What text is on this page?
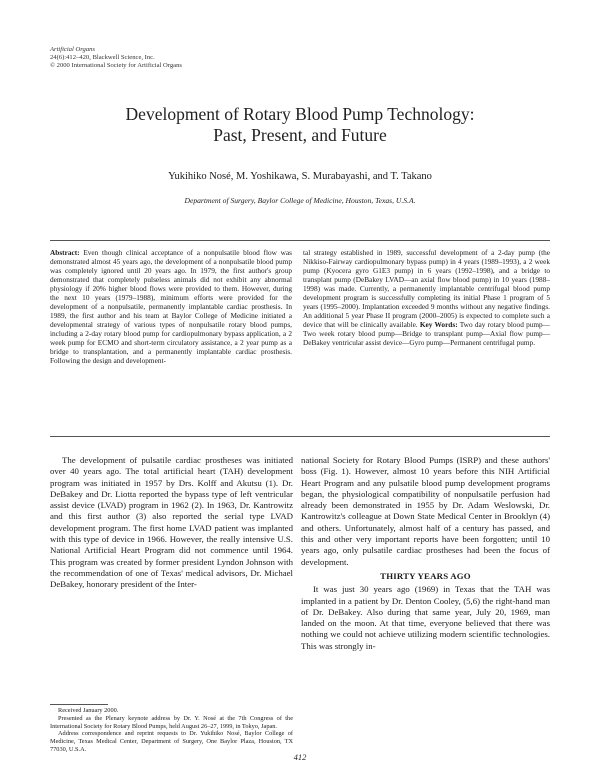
Artificial Organs
24(6):412–420, Blackwell Science, Inc.
© 2000 International Society for Artificial Organs
Development of Rotary Blood Pump Technology:
Past, Present, and Future
Yukihiko Nosé, M. Yoshikawa, S. Murabayashi, and T. Takano
Department of Surgery, Baylor College of Medicine, Houston, Texas, U.S.A.
Abstract: Even though clinical acceptance of a nonpulsatile blood flow was demonstrated almost 45 years ago, the development of a nonpulsatile blood pump was completely ignored until 20 years ago. In 1979, the first author's group demonstrated that completely pulseless animals did not exhibit any abnormal physiology if 20% higher blood flows were provided to them. However, during the next 10 years (1979–1988), minimum efforts were provided for the development of a nonpulsatile, permanently implantable cardiac prosthesis. In 1989, the first author and his team at Baylor College of Medicine initiated a developmental strategy of various types of nonpulsatile rotary blood pumps, including a 2-day rotary blood pump for cardiopulmonary bypass application, a 2 week pump for ECMO and short-term circulatory assistance, a 2 year pump as a bridge to transplantation, and a permanently implantable cardiac prosthesis. Following the design and development-
tal strategy established in 1989, successful development of a 2-day pump (the Nikkiso-Fairway cardiopulmonary bypass pump) in 4 years (1989–1993), a 2 week pump (Kyocera gyro G1E3 pump) in 6 years (1992–1998), and a bridge to transplant pump (DeBakey LVAD—an axial flow blood pump) in 10 years (1988–1998) was made. Currently, a permanently implantable centrifugal blood pump development program is successfully completing its initial Phase 1 program of 5 years (1995–2000). Implantation exceeded 9 months without any negative findings. An additional 5 year Phase II program (2000–2005) is expected to complete such a device that will be clinically available. Key Words: Two day rotary blood pump—Two week rotary blood pump—Bridge to transplant pump—Axial flow pump—DeBakey ventricular assist device—Gyro pump—Permanent centrifugal pump.

The development of pulsatile cardiac prostheses was initiated over 40 years ago. The total artificial heart (TAH) development program was initiated in 1957 by Drs. Kolff and Akutsu (1). Dr. DeBakey and Dr. Liotta reported the bypass type of left ventricular assist device (LVAD) program in 1962 (2). In 1963, Dr. Kantrowitz and this first author (3) also reported the serial type LVAD development program. The first home LVAD patient was implanted with this type of device in 1966. However, the really intensive U.S. National Artificial Heart Program did not commence until 1964. This program was created by former president Lyndon Johnson with the recommendation of one of Texas' medical advisors, Dr. Michael DeBakey, honorary president of the Inter-

national Society for Rotary Blood Pumps (ISRP) and these authors' boss (Fig. 1). However, almost 10 years before this NIH Artificial Heart Program and any pulsatile blood pump development programs began, the physiological compatibility of nonpulsatile perfusion had already been demonstrated in 1955 by Dr. Adam Weslowski, Dr. Kantrowitz's colleague at Down State Medical Center in Brooklyn (4) and others. Unfortunately, almost half of a century has passed, and this and other very important reports have been forgotten; until 10 years ago, only pulsatile cardiac prostheses had been the focus of development.

THIRTY YEARS AGO

It was just 30 years ago (1969) in Texas that the TAH was implanted in a patient by Dr. Denton Cooley, (5,6) the right-hand man of Dr. DeBakey. Also during that same year, July 20, 1969, man landed on the moon. At that time, everyone believed that there was nothing we could not achieve utilizing modern scientific technologies. This was strongly in-

Received January 2000.

Presented as the Plenary keynote address by Dr. Y. Nosé at the 7th Congress of the International Society for Rotary Blood Pumps, held August 26–27, 1999, in Tokyo, Japan.

Address correspondence and reprint requests to Dr. Yukihiko Nosé, Baylor College of Medicine, Texas Medical Center, Department of Surgery, One Baylor Plaza, Houston, TX 77030, U.S.A.

412
